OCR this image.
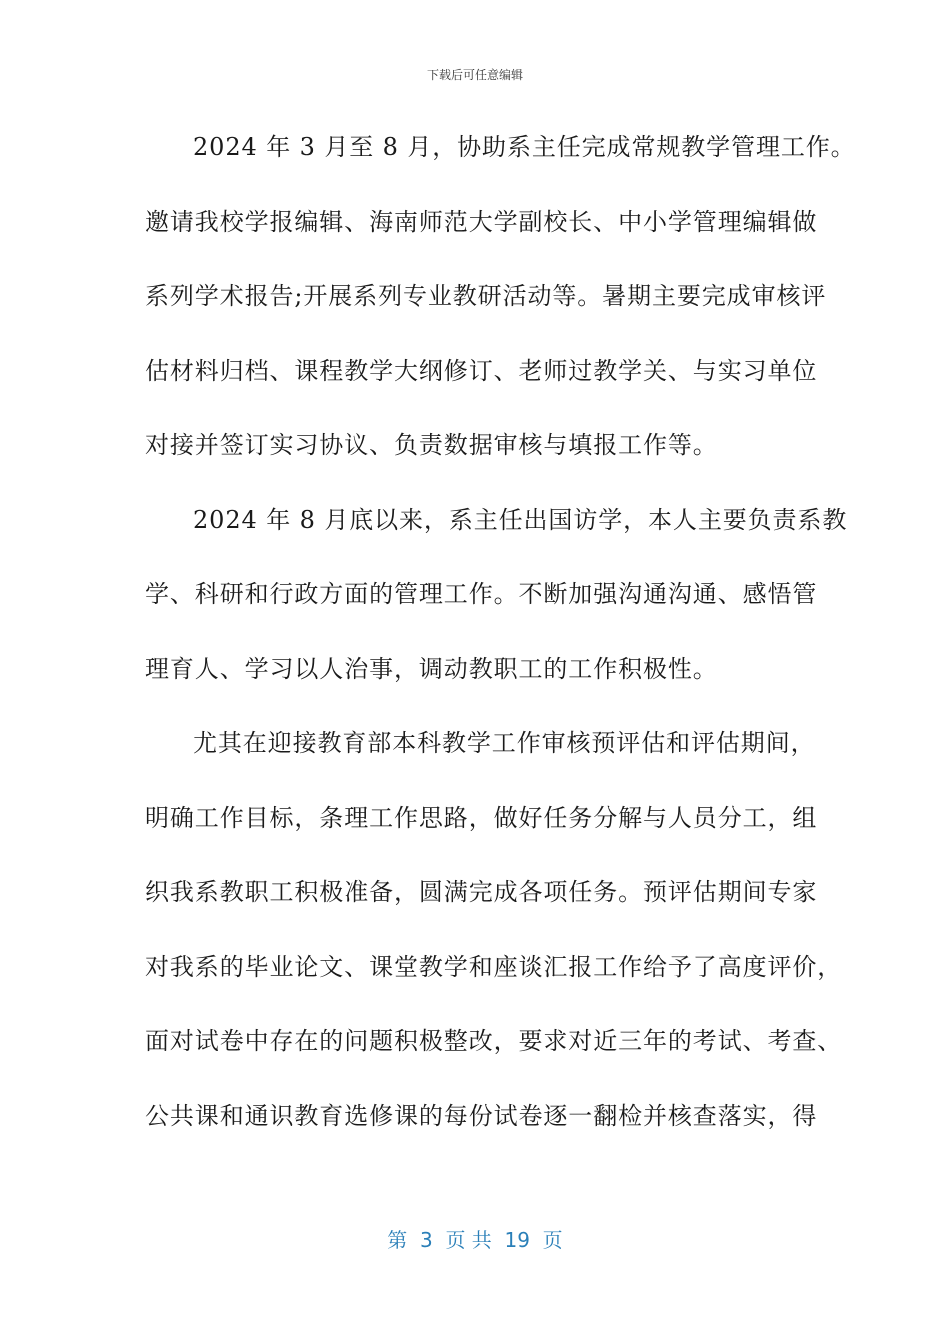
下载后可任意编辑
2024 年 3 月至 8 月，协助系主任完成常规教学管理工作。
邀请我校学报编辑、海南师范大学副校长、中小学管理编辑做
系列学术报告;开展系列专业教研活动等。暑期主要完成审核评
估材料归档、课程教学大纲修订、老师过教学关、与实习单位
对接并签订实习协议、负责数据审核与填报工作等。
2024 年 8 月底以来，系主任出国访学，本人主要负责系教
学、科研和行政方面的管理工作。不断加强沟通沟通、感悟管
理育人、学习以人治事，调动教职工的工作积极性。
尤其在迎接教育部本科教学工作审核预评估和评估期间，
明确工作目标，条理工作思路，做好任务分解与人员分工，组
织我系教职工积极准备，圆满完成各项任务。预评估期间专家
对我系的毕业论文、课堂教学和座谈汇报工作给予了高度评价，
面对试卷中存在的问题积极整改，要求对近三年的考试、考查、
公共课和通识教育选修课的每份试卷逐一翻检并核查落实，得
第  3  页 共  19  页
